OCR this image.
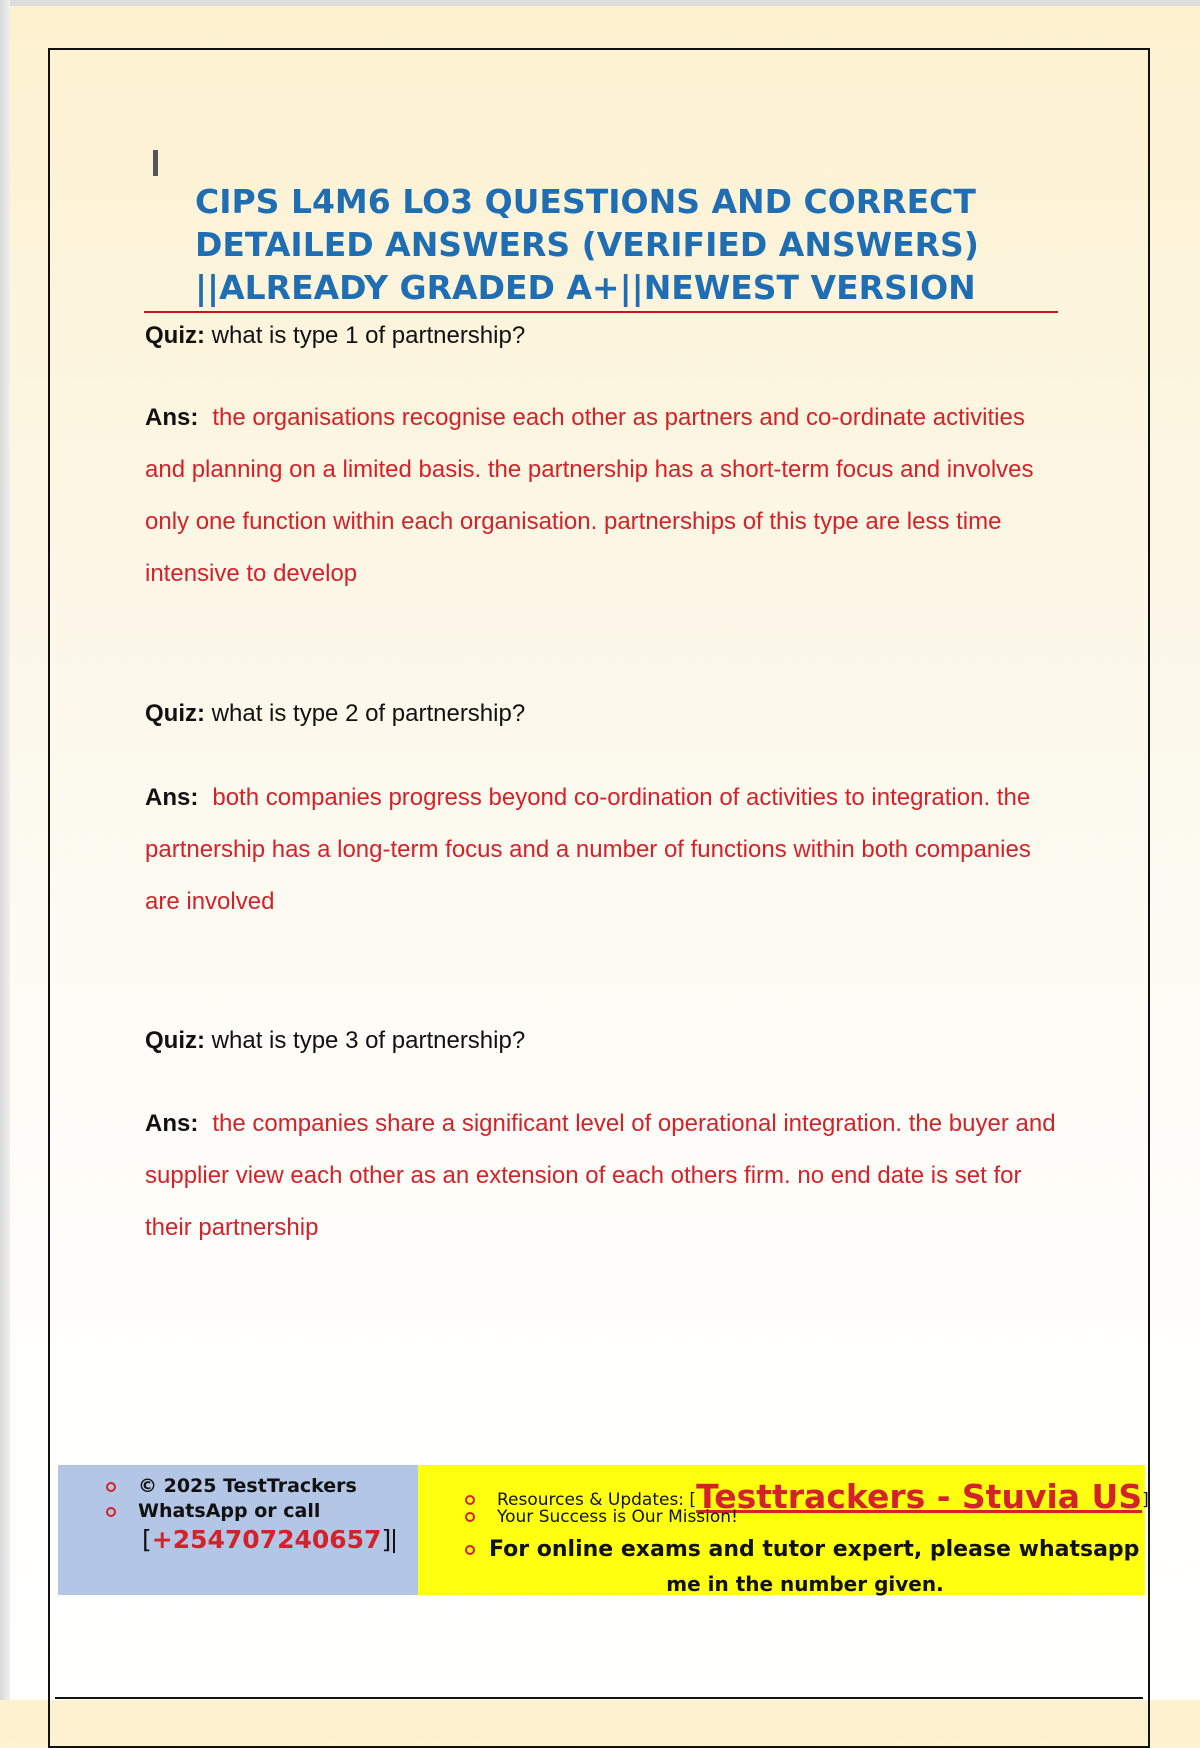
CIPS L4M6 LO3 QUESTIONS AND CORRECT
DETAILED ANSWERS (VERIFIED ANSWERS)
||ALREADY GRADED A+||NEWEST VERSION
Quiz: what is type 1 of partnership?
Ans: the organisations recognise each other as partners and co-ordinate activities and planning on a limited basis. the partnership has a short-term focus and involves only one function within each organisation. partnerships of this type are less time intensive to develop
Quiz: what is type 2 of partnership?
Ans: both companies progress beyond co-ordination of activities to integration. the partnership has a long-term focus and a number of functions within both companies are involved
Quiz: what is type 3 of partnership?
Ans: the companies share a significant level of operational integration. the buyer and supplier view each other as an extension of each others firm. no end date is set for their partnership
© 2025 TestTrackers
WhatsApp or call
[+254707240657]
Resources & Updates: [Testtrackers - Stuvia US]
Your Success is Our Mission!
For online exams and tutor expert, please whatsapp
me in the number given.
